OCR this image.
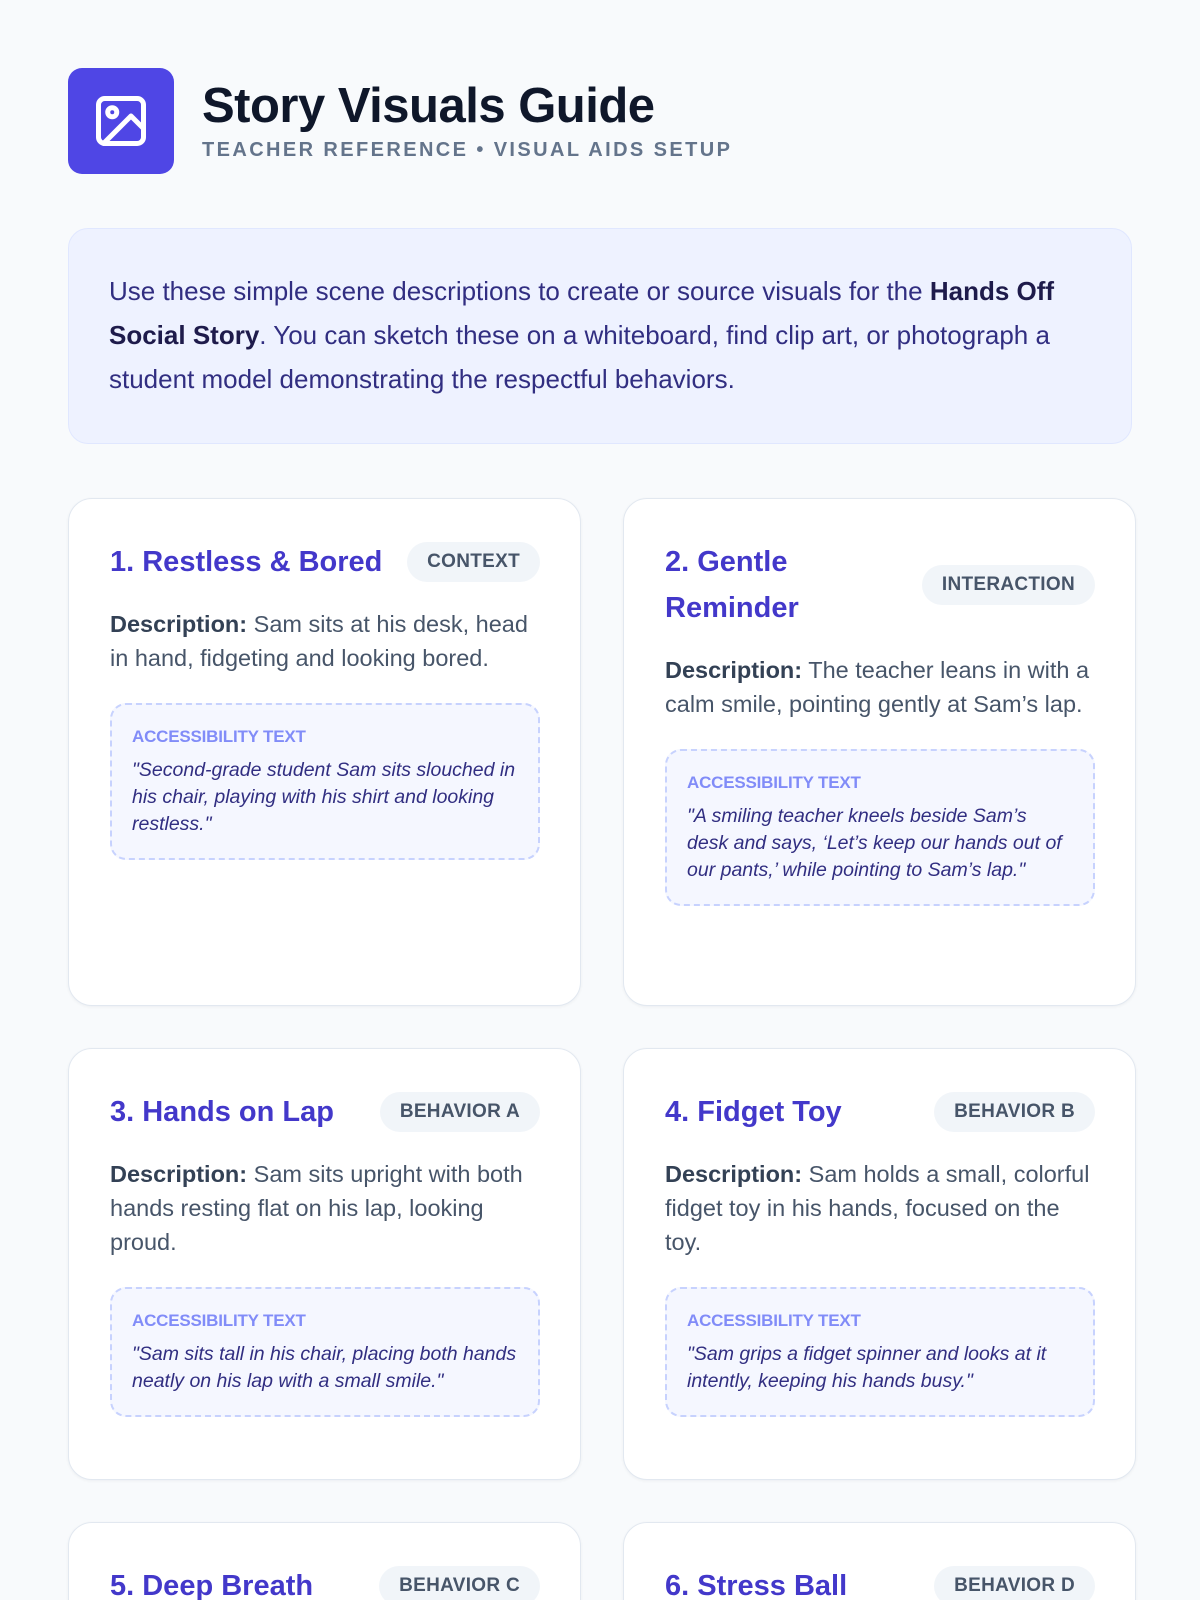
Story Visuals Guide
TEACHER REFERENCE • VISUAL AIDS SETUP
Use these simple scene descriptions to create or source visuals for the Hands Off Social Story. You can sketch these on a whiteboard, find clip art, or photograph a student model demonstrating the respectful behaviors.
1. Restless & Bored	CONTEXT
Description: Sam sits at his desk, head in hand, fidgeting and looking bored.
ACCESSIBILITY TEXT
"Second-grade student Sam sits slouched in his chair, playing with his shirt and looking restless."
2. Gentle Reminder
INTERACTION
Description: The teacher leans in with a calm smile, pointing gently at Sam’s lap.
ACCESSIBILITY TEXT
"A smiling teacher kneels beside Sam’s desk and says, ‘Let’s keep our hands out of our pants,’ while pointing to Sam’s lap."
3. Hands on Lap	BEHAVIOR A
Description: Sam sits upright with both hands resting flat on his lap, looking proud.
ACCESSIBILITY TEXT
"Sam sits tall in his chair, placing both hands neatly on his lap with a small smile."
4. Fidget Toy	BEHAVIOR B
Description: Sam holds a small, colorful fidget toy in his hands, focused on the toy.
ACCESSIBILITY TEXT
"Sam grips a fidget spinner and looks at it intently, keeping his hands busy."
5. Deep Breath	BEHAVIOR C	6. Stress Ball	BEHAVIOR D
